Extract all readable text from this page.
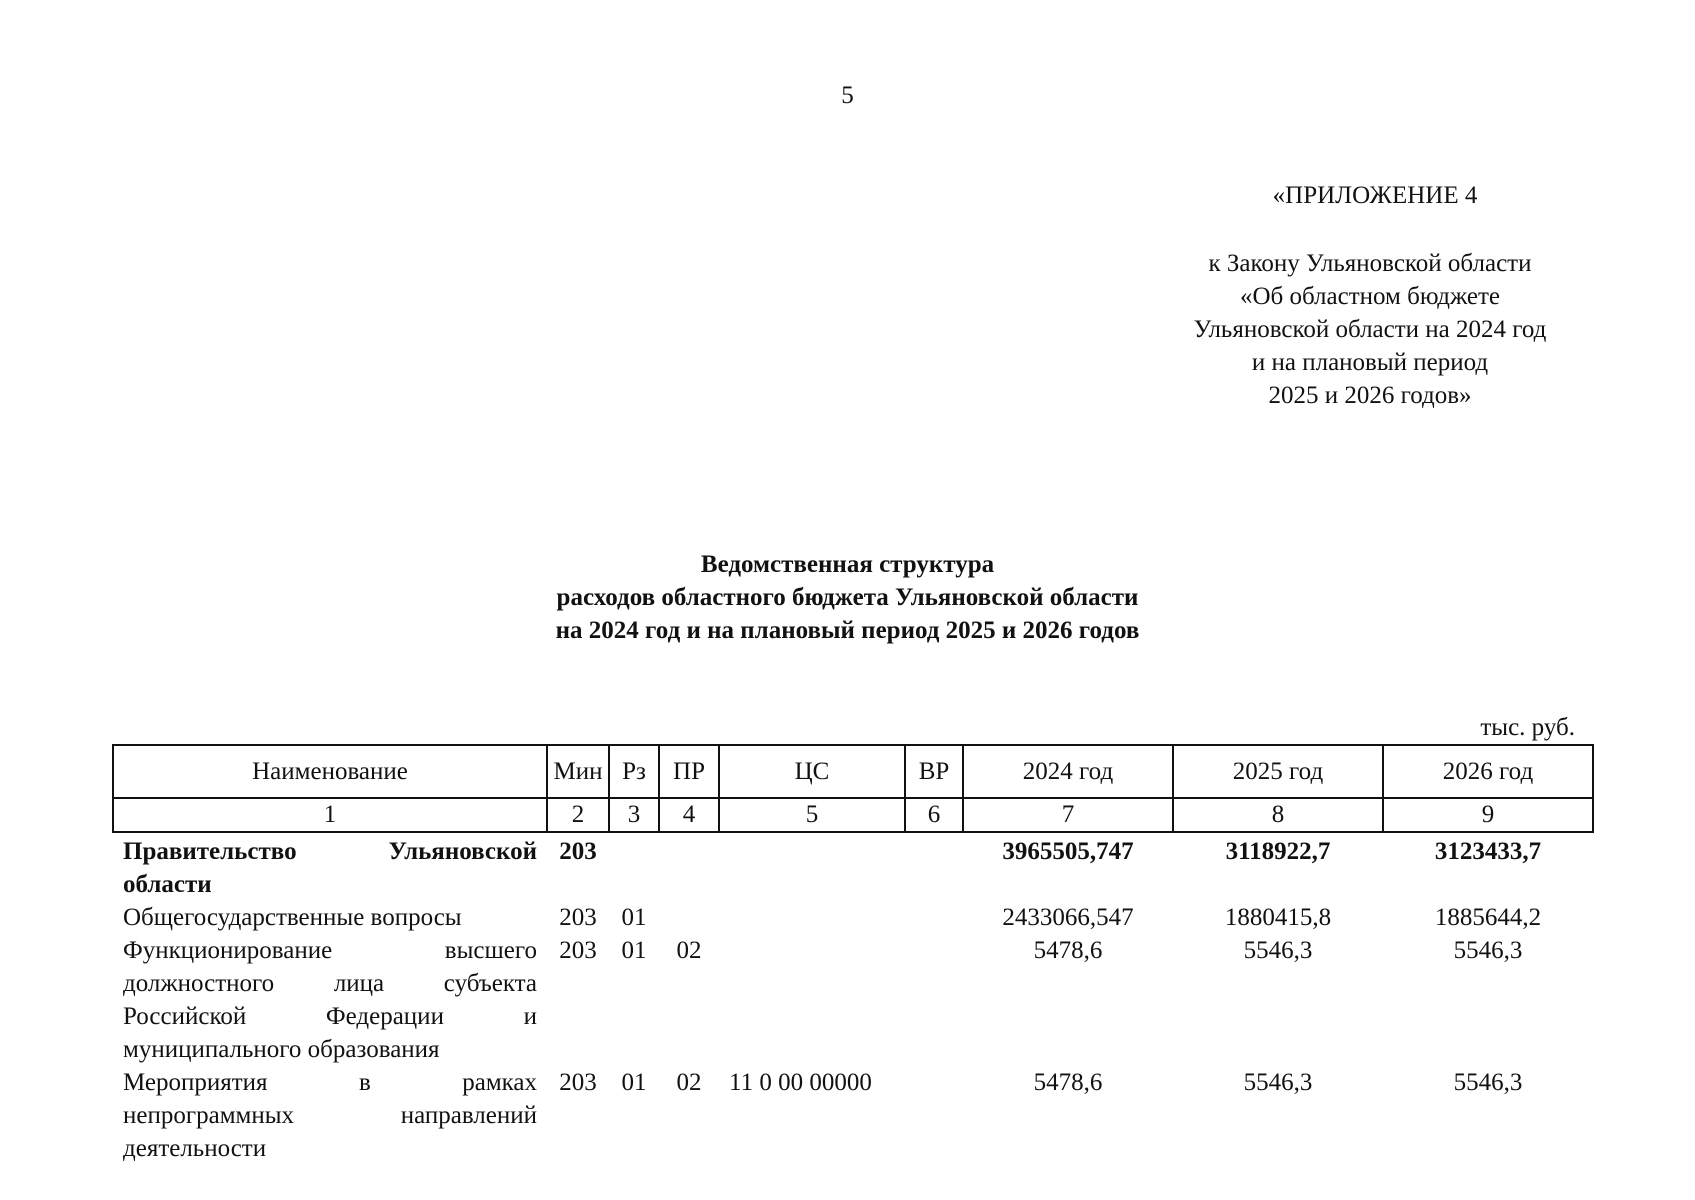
5
«ПРИЛОЖЕНИЕ 4
к Закону Ульяновской области
«Об областном бюджете
Ульяновской области на 2024 год
и на плановый период
2025 и 2026 годов»
Ведомственная структура
расходов областного бюджета Ульяновской области
на 2024 год и на плановый период 2025 и 2026 годов
тыс. руб.
Наименование	Мин	Рз	ПР	ЦС	ВР	2024 год	2025 год	2026 год
1	2	3	4	5	6	7	8	9
Правительство Ульяновской области	203					3965505,747	3118922,7	3123433,7
Общегосударственные вопросы	203	01				2433066,547	1880415,8	1885644,2
Функционирование высшего должностного лица субъекта Российской Федерации и муниципального образования	203	01	02			5478,6	5546,3	5546,3
Мероприятия в рамках непрограммных направлений деятельности	203	01	02	11 0 00 00000		5478,6	5546,3	5546,3
